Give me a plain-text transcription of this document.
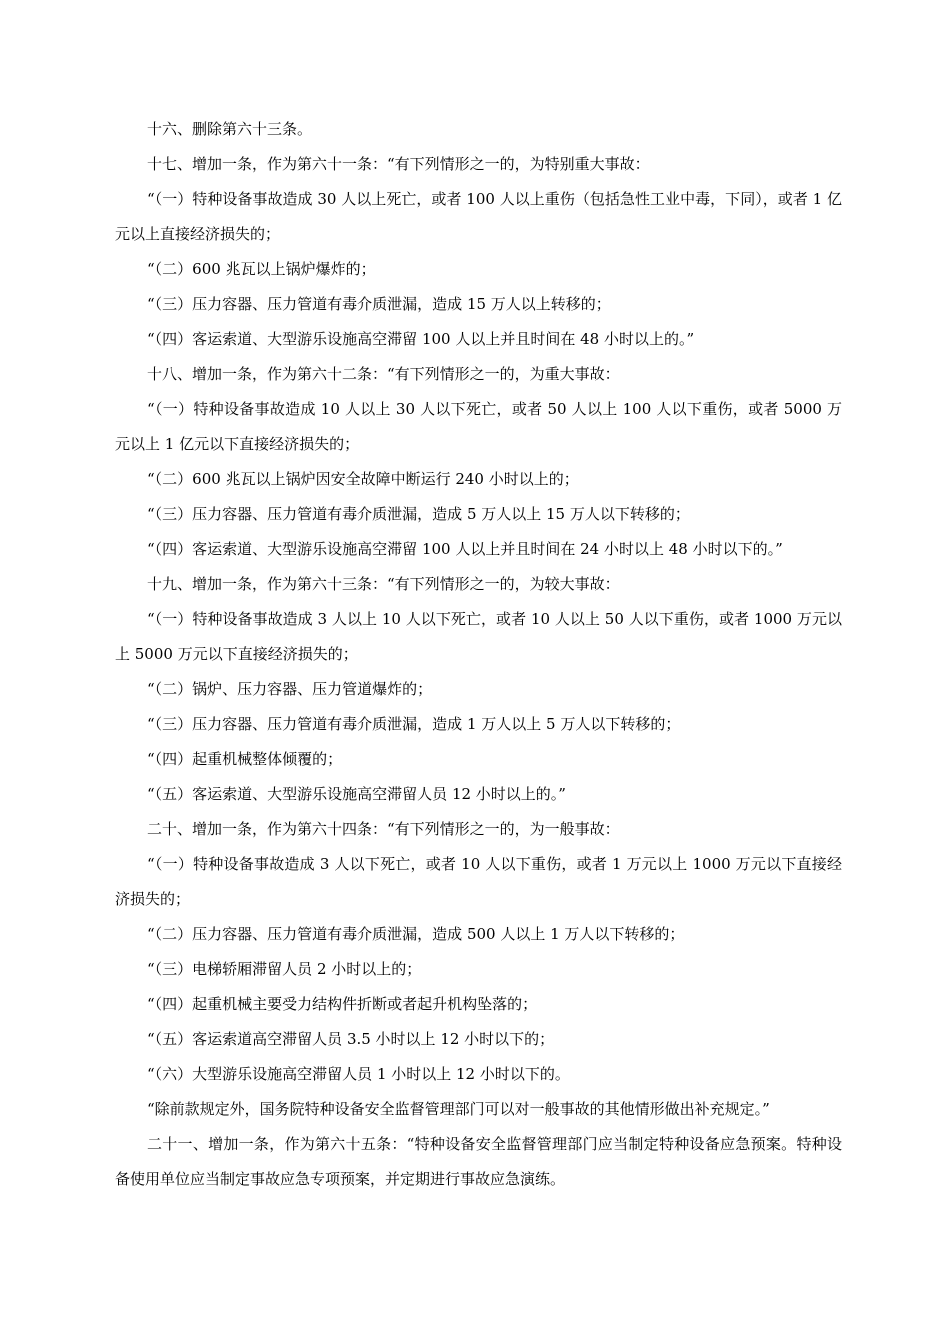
十六、删除第六十三条。

十七、增加一条，作为第六十一条：“有下列情形之一的，为特别重大事故：

“（一）特种设备事故造成 30 人以上死亡，或者 100 人以上重伤（包括急性工业中毒，下同），或者 1 亿元以上直接经济损失的；

“（二）600 兆瓦以上锅炉爆炸的；

“（三）压力容器、压力管道有毒介质泄漏，造成 15 万人以上转移的；

“（四）客运索道、大型游乐设施高空滞留 100 人以上并且时间在 48 小时以上的。”

十八、增加一条，作为第六十二条：“有下列情形之一的，为重大事故：

“（一）特种设备事故造成 10 人以上 30 人以下死亡，或者 50 人以上 100 人以下重伤，或者 5000 万元以上 1 亿元以下直接经济损失的；

“（二）600 兆瓦以上锅炉因安全故障中断运行 240 小时以上的；

“（三）压力容器、压力管道有毒介质泄漏，造成 5 万人以上 15 万人以下转移的；

“（四）客运索道、大型游乐设施高空滞留 100 人以上并且时间在 24 小时以上 48 小时以下的。”

十九、增加一条，作为第六十三条：“有下列情形之一的，为较大事故：

“（一）特种设备事故造成 3 人以上 10 人以下死亡，或者 10 人以上 50 人以下重伤，或者 1000 万元以上 5000 万元以下直接经济损失的；

“（二）锅炉、压力容器、压力管道爆炸的；

“（三）压力容器、压力管道有毒介质泄漏，造成 1 万人以上 5 万人以下转移的；

“（四）起重机械整体倾覆的；

“（五）客运索道、大型游乐设施高空滞留人员 12 小时以上的。”

二十、增加一条，作为第六十四条：“有下列情形之一的，为一般事故：

“（一）特种设备事故造成 3 人以下死亡，或者 10 人以下重伤，或者 1 万元以上 1000 万元以下直接经济损失的；

“（二）压力容器、压力管道有毒介质泄漏，造成 500 人以上 1 万人以下转移的；

“（三）电梯轿厢滞留人员 2 小时以上的；

“（四）起重机械主要受力结构件折断或者起升机构坠落的；

“（五）客运索道高空滞留人员 3.5 小时以上 12 小时以下的；

“（六）大型游乐设施高空滞留人员 1 小时以上 12 小时以下的。

“除前款规定外，国务院特种设备安全监督管理部门可以对一般事故的其他情形做出补充规定。”

二十一、增加一条，作为第六十五条：“特种设备安全监督管理部门应当制定特种设备应急预案。特种设备使用单位应当制定事故应急专项预案，并定期进行事故应急演练。
